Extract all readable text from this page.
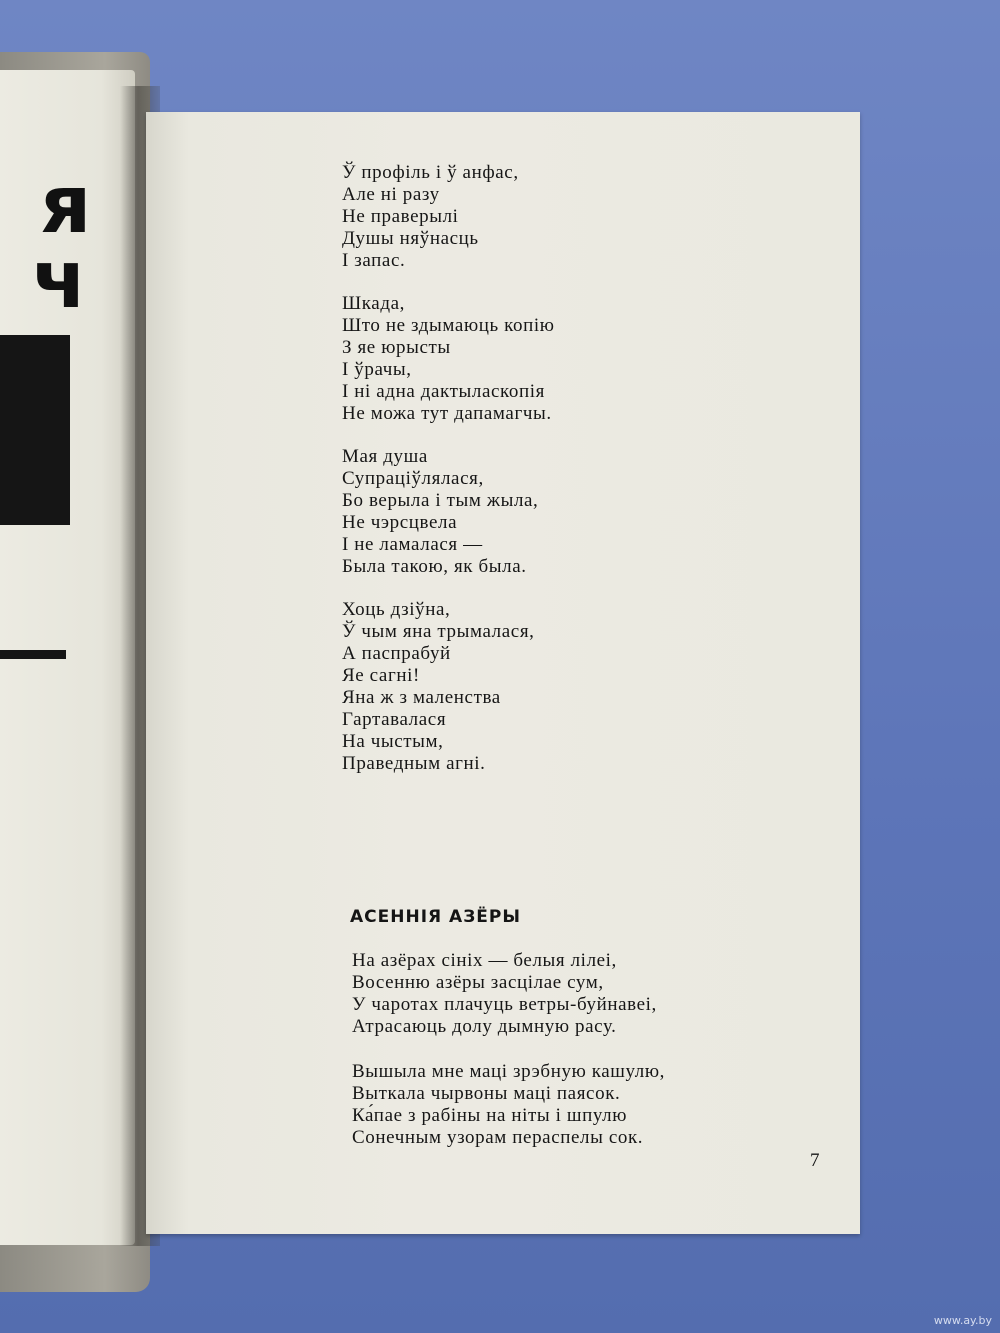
я
ч
Ў профіль і ў анфас,
Але ні разу
Не праверылі
Душы няўнасць
І запас.
Шкада,
Што не здымаюць копію
З яе юрысты
І ўрачы,
І ні адна дактыласкопія
Не можа тут дапамагчы.
Мая душа
Супраціўлялася,
Бо верыла і тым жыла,
Не чэрсцвела
І не ламалася —
Была такою, як была.
Хоць дзіўна,
Ў чым яна трымалася,
А паспрабуй
Яе сагні!
Яна ж з маленства
Гартавалася
На чыстым,
Праведным агні.
АСЕННІЯ АЗЁРЫ
На азёрах сініх — белыя лілеі,
Восенню азёры засцілае сум,
У чаротах плачуць ветры-буйнавеі,
Атрасаюць долу дымную расу.
Вышыла мне маці зрэбную кашулю,
Выткала чырвоны маці паясок.
Ка́пае з рабіны на ніты і шпулю
Сонечным узорам пераспелы сок.
7
www.ay.by
